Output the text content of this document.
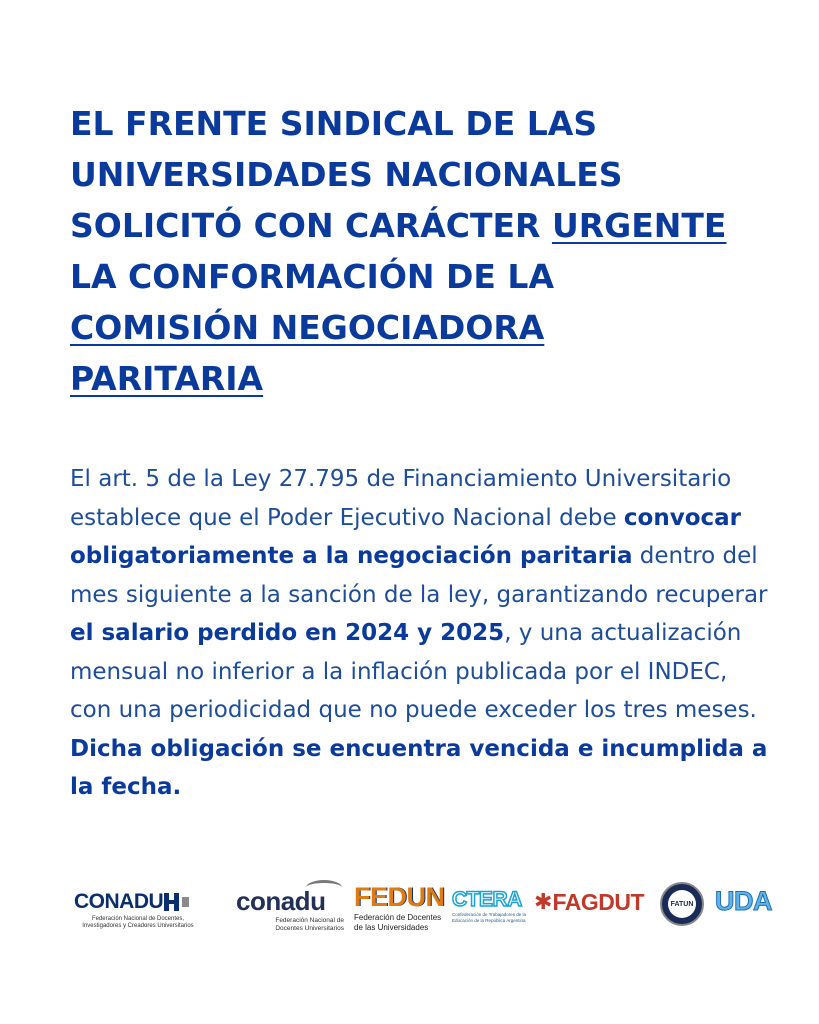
EL FRENTE SINDICAL DE LAS
UNIVERSIDADES NACIONALES
SOLICITÓ CON CARÁCTER URGENTE
LA CONFORMACIÓN DE LA
COMISIÓN NEGOCIADORA
PARITARIA
El art. 5 de la Ley 27.795 de Financiamiento Universitario establece que el Poder Ejecutivo Nacional debe convocar obligatoriamente a la negociación paritaria dentro del mes siguiente a la sanción de la ley, garantizando recuperar el salario perdido en 2024 y 2025, y una actualización mensual no inferior a la inflación publicada por el INDEC, con una periodicidad que no puede exceder los tres meses. Dicha obligación se encuentra vencida e incumplida a la fecha.
CONADU
Federación Nacional de Docentes, Investigadores y Creadores Universitarios
conadu
Federación Nacional de Docentes Universitarios
FEDUN
Federación de Docentes de las Universidades
CTERA
Confederación de Trabajadores de la Educación de la República Argentina
✱FAGDUT	FATUN UDA
